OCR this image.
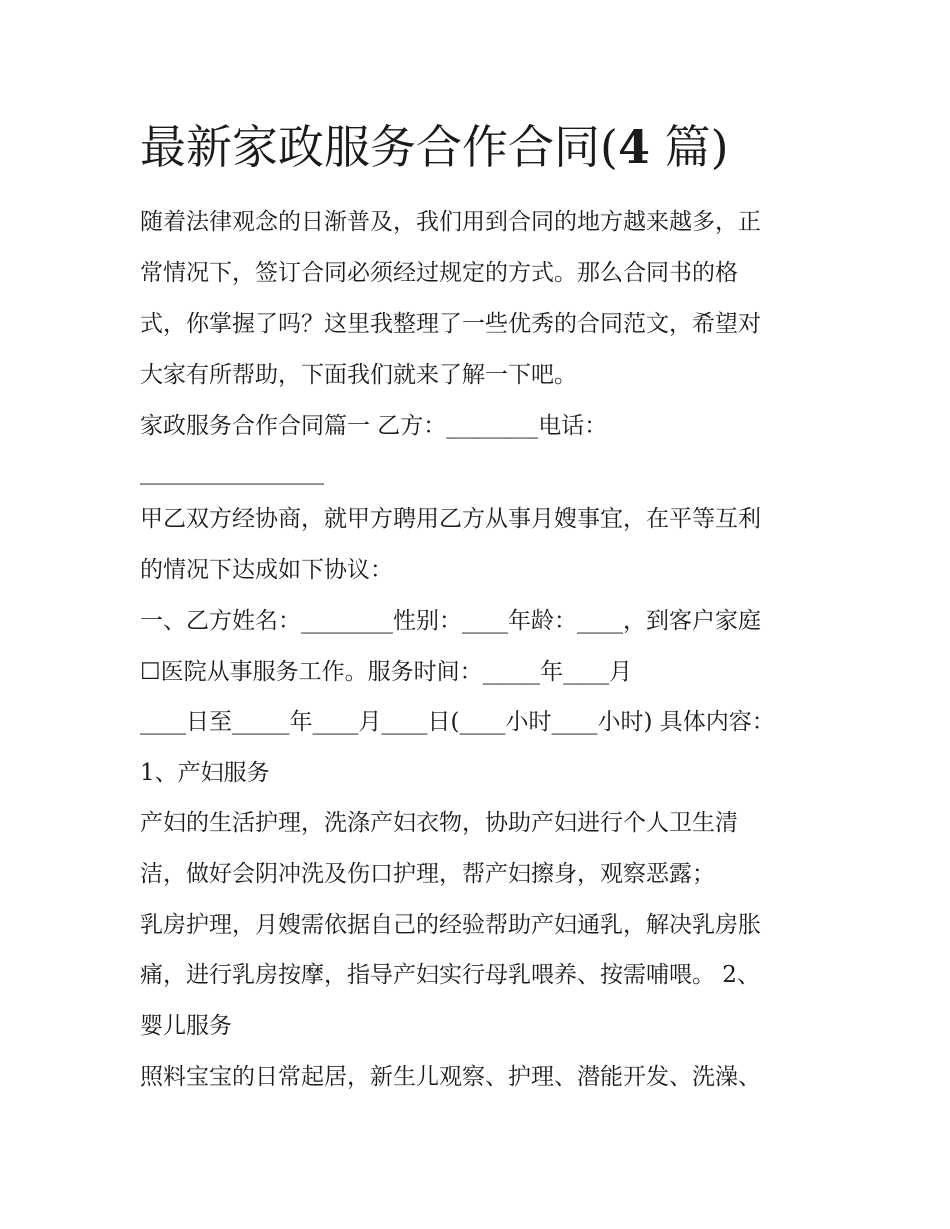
最新家政服务合作合同(4 篇)

随着法律观念的日渐普及，我们用到合同的地方越来越多，正

常情况下，签订合同必须经过规定的方式。那么合同书的格

式，你掌握了吗？这里我整理了一些优秀的合同范文，希望对

大家有所帮助，下面我们就来了解一下吧。

家政服务合作合同篇一 乙方：________电话：

________________

甲乙双方经协商，就甲方聘用乙方从事月嫂事宜，在平等互利

的情况下达成如下协议：

一、乙方姓名：________性别：____年龄：____，到客户家庭

☐医院从事服务工作。服务时间：_____年____月

____日至_____年____月____日(____小时____小时) 具体内容：

1、产妇服务

产妇的生活护理，洗涤产妇衣物，协助产妇进行个人卫生清

洁，做好会阴冲洗及伤口护理，帮产妇擦身，观察恶露；

乳房护理，月嫂需依据自己的经验帮助产妇通乳，解决乳房胀

痛，进行乳房按摩，指导产妇实行母乳喂养、按需哺喂。 2、

婴儿服务

照料宝宝的日常起居，新生儿观察、护理、潜能开发、洗澡、
